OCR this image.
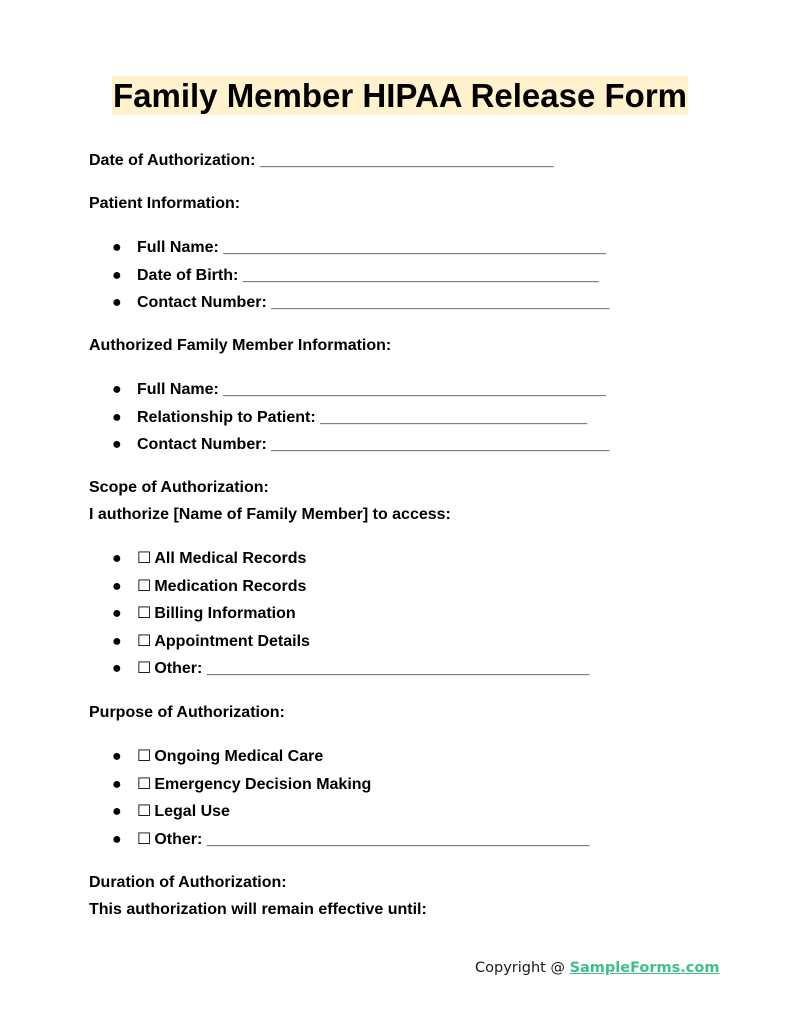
Family Member HIPAA Release Form
Date of Authorization: _________________________________
Patient Information:
● Full Name: ___________________________________________
● Date of Birth: ________________________________________
● Contact Number: ______________________________________
Authorized Family Member Information:
● Full Name: ___________________________________________
● Relationship to Patient: ______________________________
● Contact Number: ______________________________________
Scope of Authorization:
I authorize [Name of Family Member] to access:
● ☐ All Medical Records
● ☐ Medication Records
● ☐ Billing Information
● ☐ Appointment Details
● ☐ Other: ___________________________________________
Purpose of Authorization:
● ☐ Ongoing Medical Care
● ☐ Emergency Decision Making
● ☐ Legal Use
● ☐ Other: ___________________________________________
Duration of Authorization:
This authorization will remain effective until:
Copyright @ SampleForms.com
